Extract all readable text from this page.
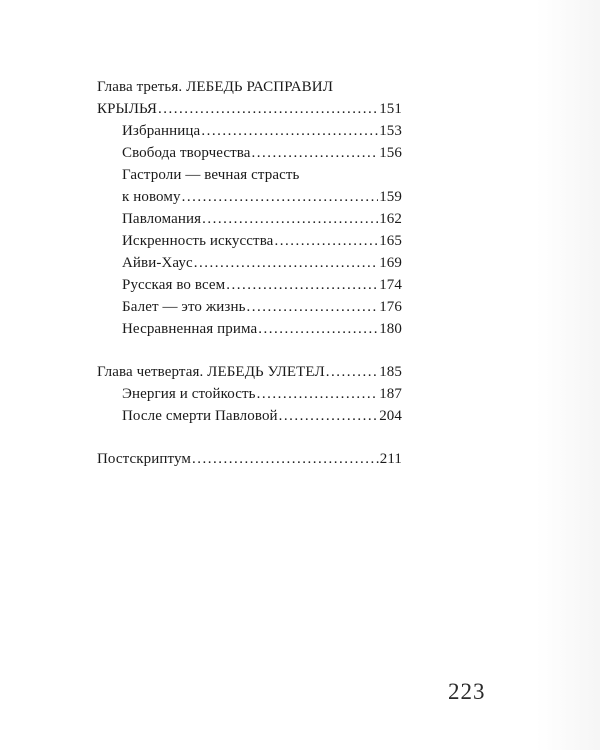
Глава третья. ЛЕБЕДЬ РАСПРАВИЛ
КРЫЛЬЯ .....	151
Избранница .....	153
Свобода творчества .....	156
Гастроли — вечная страсть
к новому .....	159
Павломания .....	162
Искренность искусства .....	165
Айви-Хаус .....	169
Русская во всем .....	174
Балет — это жизнь .....	176
Несравненная прима .....	180
Глава четвертая. ЛЕБЕДЬ УЛЕТЕЛ .....	185
Энергия и стойкость .....	187
После смерти Павловой .....	204
Постскриптум .....	211
223
